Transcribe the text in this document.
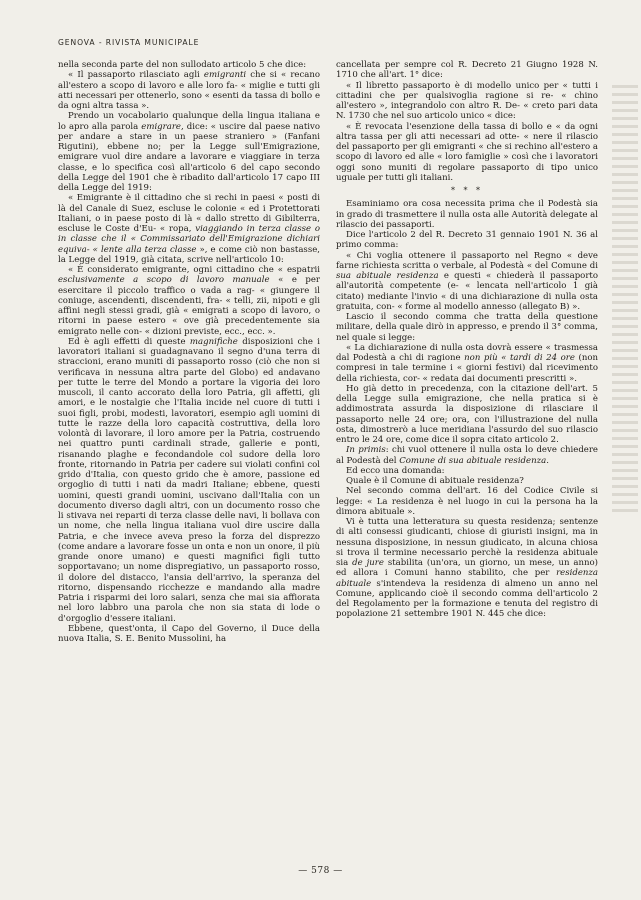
GENOVA - RIVISTA MUNICIPALE

nella seconda parte del non sullodato articolo 5 che dice:

« Il passaporto rilasciato agli emigranti che si « recano all'estero a scopo di lavoro e alle loro fa- « miglie e tutti gli atti necessari per ottenerlo, sono « esenti da tassa di bollo e da ogni altra tassa ».

Prendo un vocabolario qualunque della lingua italiana e lo apro alla parola emigrare, dice: « uscire dal paese nativo per andare a stare in un paese straniero » (Fanfani Rigutini), ebbene no; per la Legge sull'Emigrazione, emigrare vuol dire andare a lavorare e viaggiare in terza classe, e lo specifica così all'articolo 6 del capo secondo della Legge del 1901 che è ribadito dall'articolo 17 capo III della Legge del 1919:

« Emigrante è il cittadino che si rechi in paesi « posti di là del Canale di Suez, escluse le colonie « ed i Protettorati Italiani, o in paese posto di là « dallo stretto di Gibilterra, escluse le Coste d'Eu- « ropa, viaggiando in terza classe o in classe che il « Commissariato dell'Emigrazione dichiari equiva- « lente alla terza classe », e come ciò non bastasse, la Legge del 1919, già citata, scrive nell'articolo 10:

« È considerato emigrante, ogni cittadino che « espatrii esclusivamente a scopo di lavoro manuale « e per esercitare il piccolo traffico o vada a rag- « giungere il coniuge, ascendenti, discendenti, fra- « telli, zii, nipoti e gli affini negli stessi gradi, già « emigrati a scopo di lavoro, o ritorni in paese estero « ove già precedentemente sia emigrato nelle con- « dizioni previste, ecc., ecc. ».

Ed è agli effetti di queste magnifiche disposizioni che i lavoratori italiani si guadagnavano il segno d'una terra di straccioni, erano muniti di passaporto rosso (ciò che non si verificava in nessuna altra parte del Globo) ed andavano per tutte le terre del Mondo a portare la vigoria dei loro muscoli, il canto accorato della loro Patria, gli affetti, gli amori, e le nostalgie che l'Italia incide nel cuore di tutti i suoi figli, probi, modesti, lavoratori, esempio agli uomini di tutte le razze della loro capacità costruttiva, della loro volontà di lavorare, il loro amore per la Patria, costruendo nei quattro punti cardinali strade, gallerie e ponti, risanando plaghe e fecondandole col sudore della loro fronte, ritornando in Patria per cadere sui violati confini col grido d'Italia, con questo grido che è amore, passione ed orgoglio di tutti i nati da madri Italiane; ebbene, questi uomini, questi grandi uomini, uscivano dall'Italia con un documento diverso dagli altri, con un documento rosso che li stivava nei reparti di terza classe delle navi, li bollava con un nome, che nella lingua italiana vuol dire uscire dalla Patria, e che invece aveva preso la forza del disprezzo (come andare a lavorare fosse un onta e non un onore, il più grande onore umano) e questi magnifici figli tutto sopportavano; un nome dispregiativo, un passaporto rosso, il dolore del distacco, l'ansia dell'arrivo, la speranza del ritorno, dispensando ricchezze e mandando alla madre Patria i risparmi dei loro salari, senza che mai sia affiorata nel loro labbro una parola che non sia stata di lode o d'orgoglio d'essere italiani.

Ebbene, quest'onta, il Capo del Governo, il Duce della nuova Italia, S. E. Benito Mussolini, ha

cancellata per sempre col R. Decreto 21 Giugno 1928 N. 1710 che all'art. 1° dice:

« Il libretto passaporto è di modello unico per « tutti i cittadini che per qualsivoglia ragione si re- « chino all'estero », integrandolo con altro R. De- « creto pari data N. 1730 che nel suo articolo unico « dice:

« È revocata l'esenzione della tassa di bollo e « da ogni altra tassa per gli atti necessari ad otte- « nere il rilascio del passaporto per gli emigranti « che si rechino all'estero a scopo di lavoro ed alle « loro famiglie » così che i lavoratori oggi sono muniti di regolare passaporto di tipo unico uguale per tutti gli italiani.

* * *

Esaminiamo ora cosa necessita prima che il Podestà sia in grado di trasmettere il nulla osta alle Autorità delegate al rilascio dei passaporti.

Dice l'articolo 2 del R. Decreto 31 gennaio 1901 N. 36 al primo comma:

« Chi voglia ottenere il passaporto nel Regno « deve farne richiesta scritta o verbale, al Podestà « del Comune di sua abituale residenza e questi « chiederà il passaporto all'autorità competente (e- « lencata nell'articolo 1 già citato) mediante l'invio « di una dichiarazione di nulla osta gratuita, con- « forme al modello annesso (allegato B) ».

Lascio il secondo comma che tratta della questione militare, della quale dirò in appresso, e prendo il 3° comma, nel quale si legge:

« La dichiarazione di nulla osta dovrà essere « trasmessa dal Podestà a chi di ragione non più « tardi di 24 ore (non compresi in tale termine i « giorni festivi) dal ricevimento della richiesta, cor- « redata dai documenti prescritti ».

Ho già detto in precedenza, con la citazione dell'art. 5 della Legge sulla emigrazione, che nella pratica si è addimostrata assurda la disposizione di rilasciare il passaporto nelle 24 ore; ora, con l'illustrazione del nulla osta, dimostrerò a luce meridiana l'assurdo del suo rilascio entro le 24 ore, come dice il sopra citato articolo 2.

In primis: chi vuol ottenere il nulla osta lo deve chiedere al Podestà del Comune di sua abituale residenza.

Ed ecco una domanda:

Quale è il Comune di abituale residenza?

Nel secondo comma dell'art. 16 del Codice Civile si legge: « La residenza è nel luogo in cui la persona ha la dimora abituale ».

Vi è tutta una letteratura su questa residenza; sentenze di alti consessi giudicanti, chiose di giuristi insigni, ma in nessuna disposizione, in nessun giudicato, in alcuna chiosa si trova il termine necessario perchè la residenza abituale sia de jure stabilita (un'ora, un giorno, un mese, un anno) ed allora i Comuni hanno stabilito, che per residenza abituale s'intendeva la residenza di almeno un anno nel Comune, applicando cioè il secondo comma dell'articolo 2 del Regolamento per la formazione e tenuta del registro di popolazione 21 settembre 1901 N. 445 che dice:

— 578 —
